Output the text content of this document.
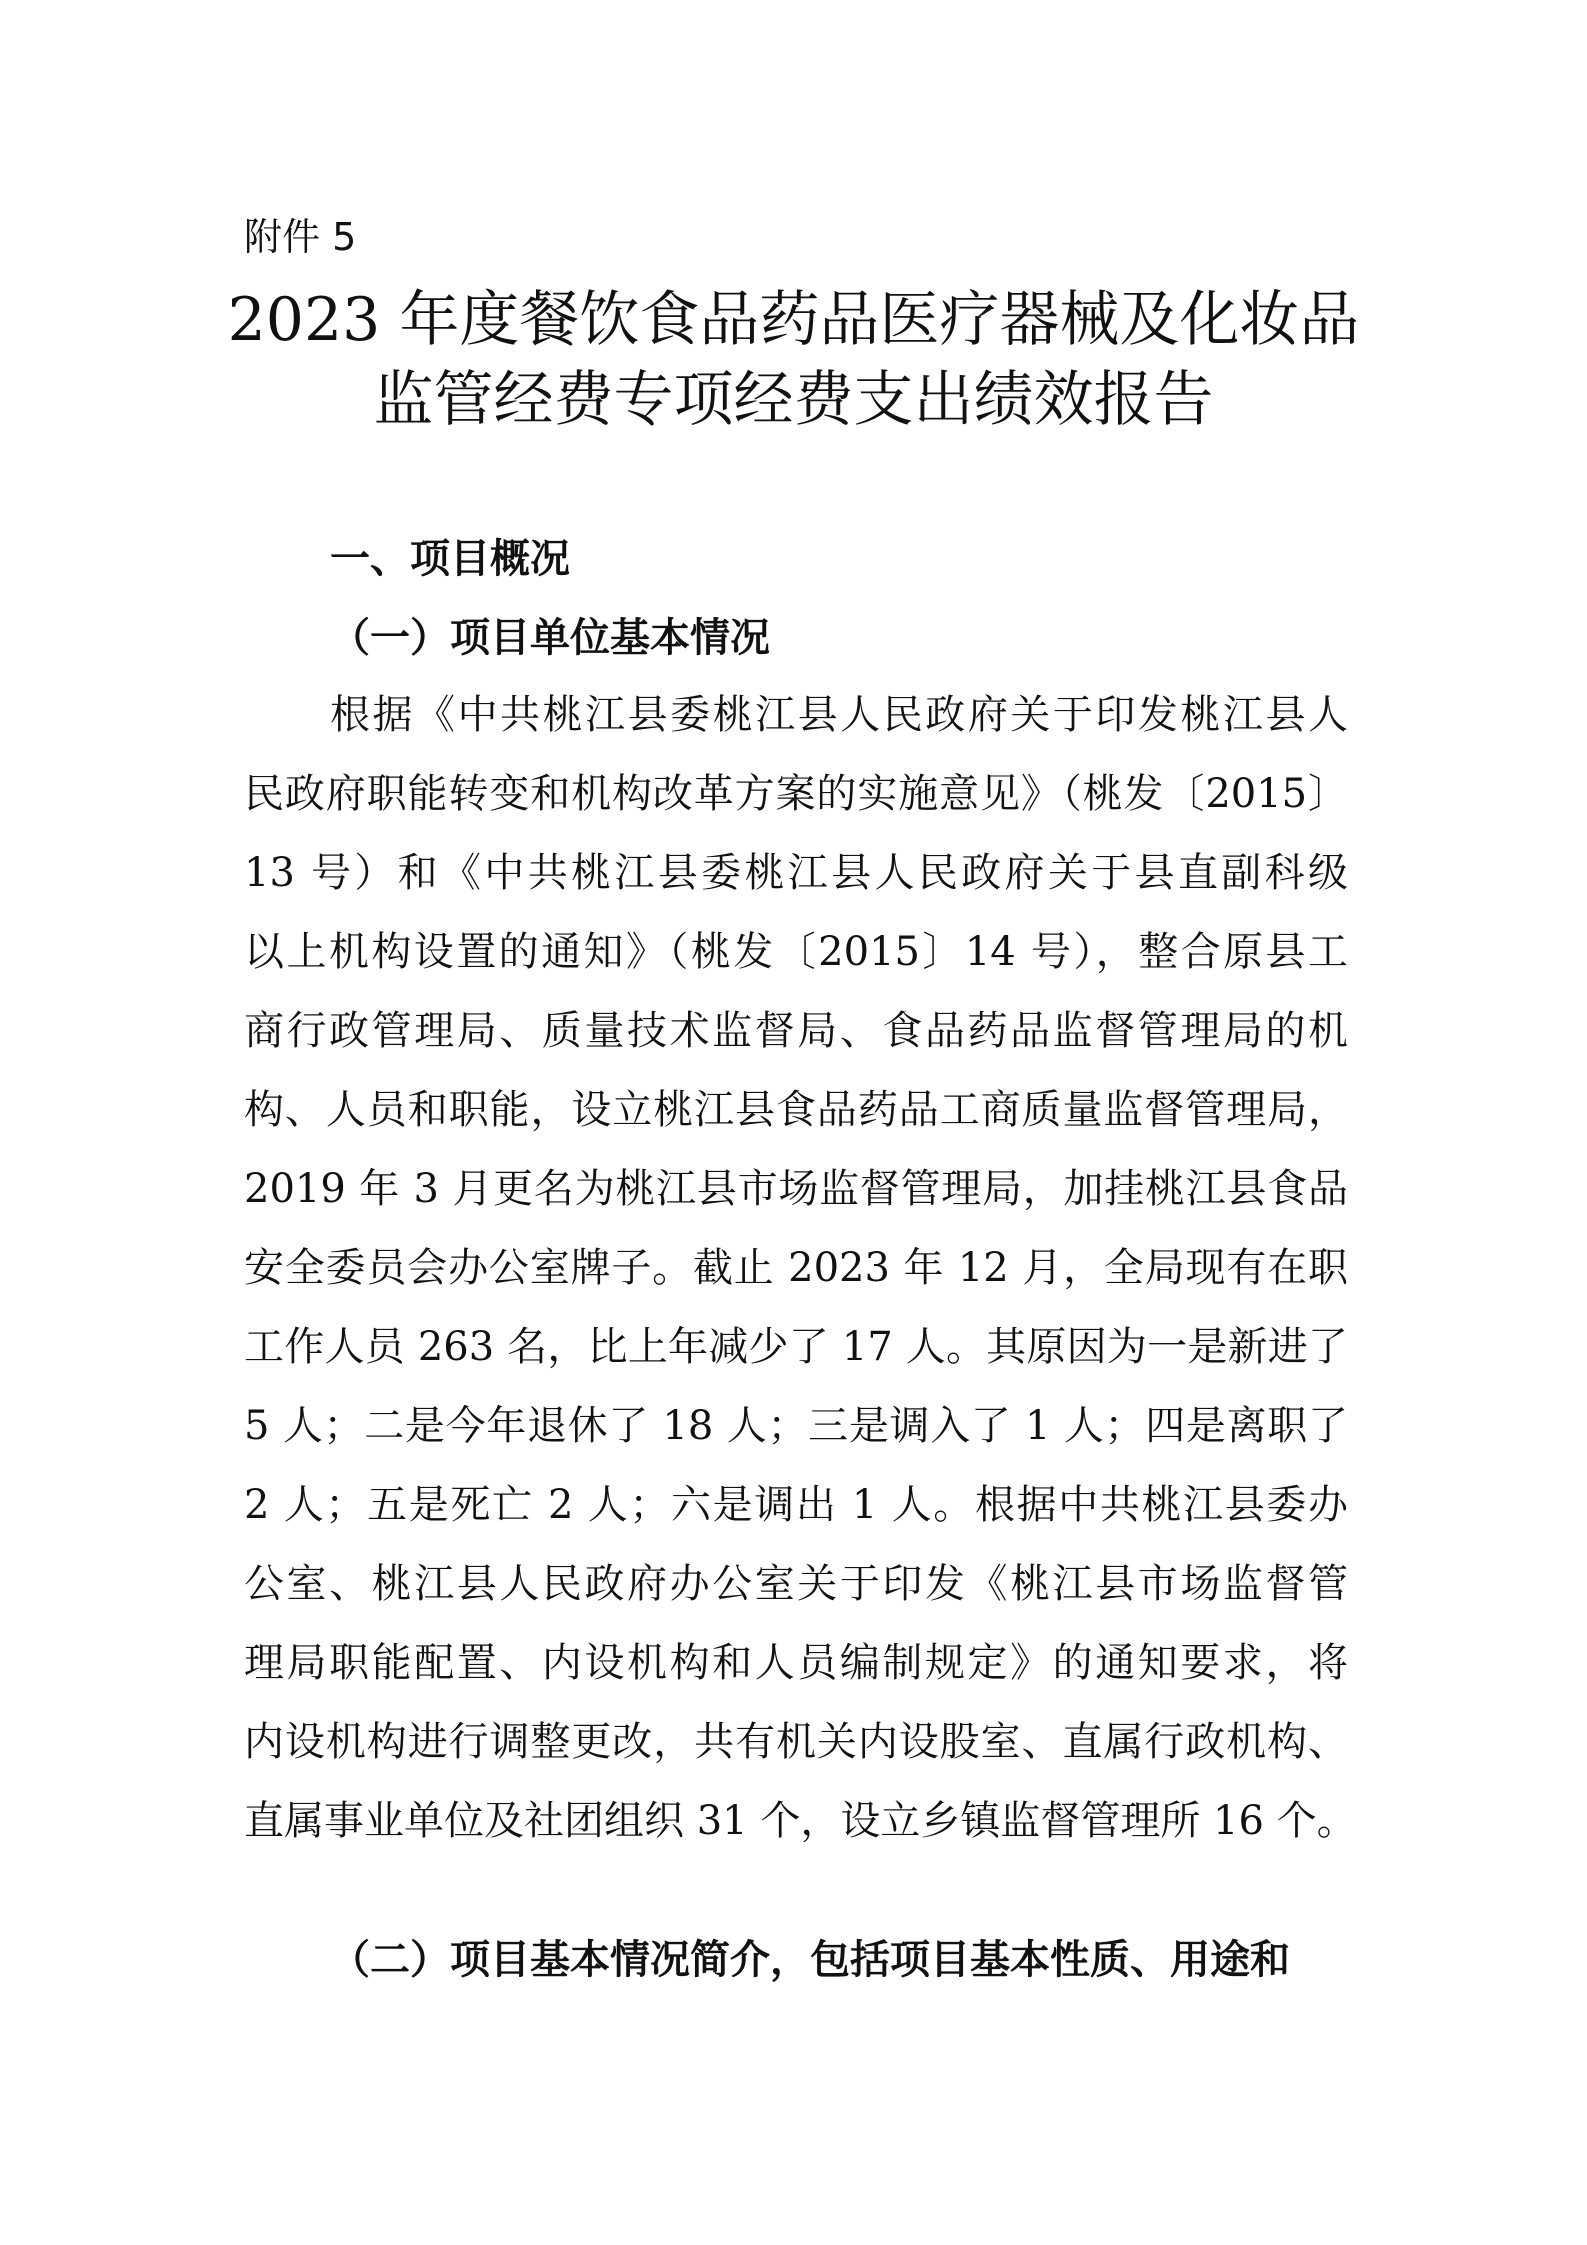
附件 5
2023 年度餐饮食品药品医疗器械及化妆品
监管经费专项经费支出绩效报告
一、项目概况
（一）项目单位基本情况
根据《中共桃江县委桃江县人民政府关于印发桃江县人
民政府职能转变和机构改革方案的实施意见》（桃发〔2015〕
13 号）和《中共桃江县委桃江县人民政府关于县直副科级
以上机构设置的通知》（桃发〔2015〕14 号），整合原县工
商行政管理局、质量技术监督局、食品药品监督管理局的机
构、人员和职能，设立桃江县食品药品工商质量监督管理局，
2019 年 3 月更名为桃江县市场监督管理局，加挂桃江县食品
安全委员会办公室牌子。截止 2023 年 12 月，全局现有在职
工作人员 263 名，比上年减少了 17 人。其原因为一是新进了
5 人；二是今年退休了 18 人；三是调入了 1 人；四是离职了
2 人；五是死亡 2 人；六是调出 1 人。根据中共桃江县委办
公室、桃江县人民政府办公室关于印发《桃江县市场监督管
理局职能配置、内设机构和人员编制规定》的通知要求，将
内设机构进行调整更改，共有机关内设股室、直属行政机构、
直属事业单位及社团组织 31 个，设立乡镇监督管理所 16 个。
（二）项目基本情况简介，包括项目基本性质、用途和
